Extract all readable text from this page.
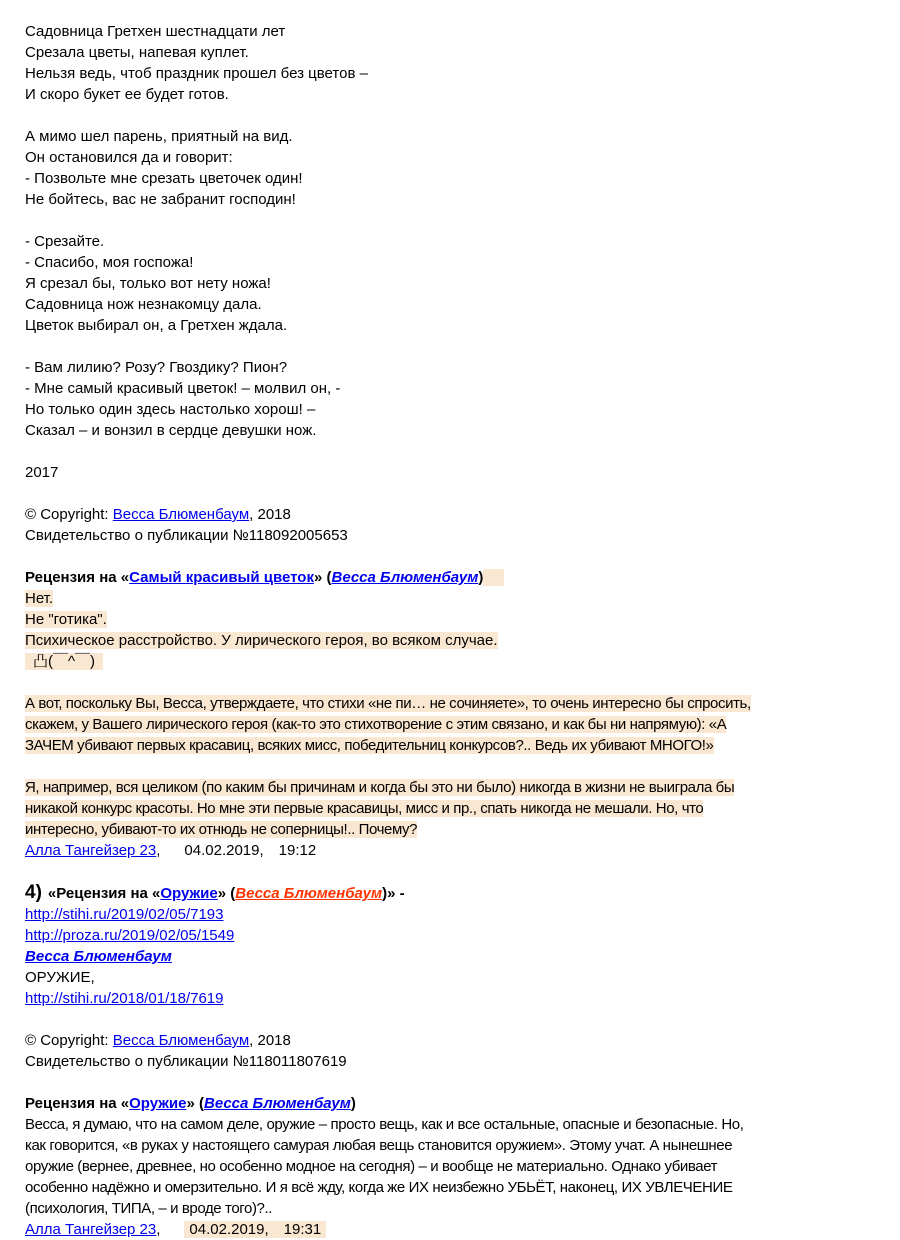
Садовница Гретхен шестнадцати лет
Срезала цветы, напевая куплет.
Нельзя ведь, чтоб праздник прошел без цветов –
И скоро букет ее будет готов.
А мимо шел парень, приятный на вид.
Он остановился да и говорит:
- Позвольте мне срезать цветочек один!
Не бойтесь, вас не забранит господин!
- Срезайте.
- Спасибо, моя госпожа!
Я срезал бы, только вот нету ножа!
Садовница нож незнакомцу дала.
Цветок выбирал он, а Гретхен ждала.
- Вам лилию? Розу? Гвоздику? Пион?
- Мне самый красивый цветок! – молвил он, -
Но только один здесь настолько хорош! –
Сказал – и вонзил в сердце девушки нож.
2017
© Copyright: Весса Блюменбаум, 2018
Свидетельство о публикации №118092005653
Рецензия на «Самый красивый цветок» (Весса Блюменбаум)
Нет.
Не "готика".
Психическое расстройство. У лирического героя, во всяком случае.
凸(￣^￣)
А вот, поскольку Вы, Весса, утверждаете, что стихи «не пи… не сочиняете», то очень интересно бы спросить,
скажем, у Вашего лирического героя (как-то это стихотворение с этим связано, и как бы ни напрямую): «А
ЗАЧЕМ убивают первых красавиц, всяких мисс, победительниц конкурсов?.. Ведь их убивают МНОГО!»
Я, например, вся целиком (по каким бы причинам и когда бы это ни было) никогда в жизни не выиграла бы
никакой конкурс красоты. Но мне эти первые красавицы, мисс и пр., спать никогда не мешали. Но, что
интересно, убивают-то их отнюдь не соперницы!.. Почему?
Алла Тангейзер 23, 04.02.2019, 19:12
4) «Рецензия на «Оружие» (Весса Блюменбаум)» -
http://stihi.ru/2019/02/05/7193
http://proza.ru/2019/02/05/1549
Весса Блюменбаум
ОРУЖИЕ,
http://stihi.ru/2018/01/18/7619
© Copyright: Весса Блюменбаум, 2018
Свидетельство о публикации №118011807619
Рецензия на «Оружие» (Весса Блюменбаум)
Весса, я думаю, что на самом деле, оружие – просто вещь, как и все остальные, опасные и безопасные. Но,
как говорится, «в руках у настоящего самурая любая вещь становится оружием». Этому учат. А нынешнее
оружие (вернее, древнее, но особенно модное на сегодня) – и вообще не материально. Однако убивает
особенно надёжно и омерзительно. И я всё жду, когда же ИХ неизбежно УБЬЁТ, наконец, ИХ УВЛЕЧЕНИЕ
(психология, ТИПА, – и вроде того)?..
Алла Тангейзер 23, 04.02.2019, 19:31
